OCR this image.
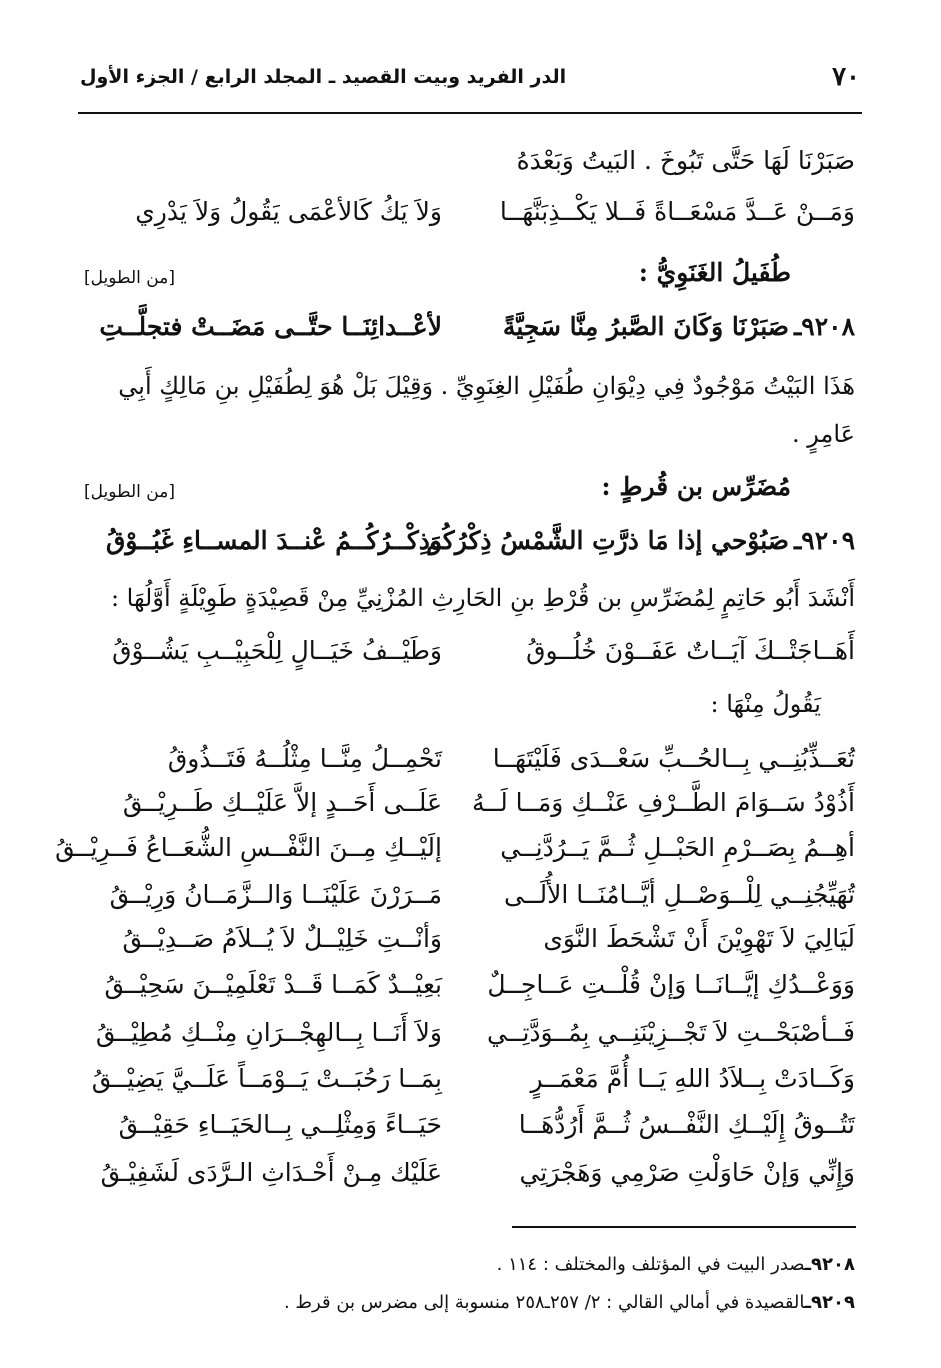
٧٠
الدر الفريد وبيت القصيد ـ المجلد الرابع / الجزء الأول
صَبَرْنَا لَهَا حَتَّى تَبُوخَ . البَيتُ وَبَعْدَهُ
وَمَــنْ عَــدَّ مَسْعَــاةً فَــلا يَكْــذِبَنَّهَــا
وَلاَ يَكُ كَالأعْمَى يَقُولُ وَلاَ يَدْرِي
طُفَيلُ الغَنَوِيُّ :
[من الطويل]
٩٢٠٨ـ
صَبَرْنَا وَكَانَ الصَّبرُ مِنَّا سَجِيَّةً
لأعْــدائِنَــا حتَّــى مَضَــتْ فتجلَّــتِ
هَذَا البَيْتُ مَوْجُودٌ فِي دِيْوَانِ طُفَيْلِ الغِنَوِيِّ . وَقِيْلَ بَلْ هُوَ لِطُفَيْلِ بنِ مَالِكٍ أَبِي
عَامِرٍ .
مُضَرِّس بن قُرطٍ :
[من الطويل]
٩٢٠٩ـ
صَبُوْحي إذا مَا ذرَّتِ الشَّمْسُ ذِكْرُكُم
وَذِكْــرُكُــمُ عْنــدَ المســاءِ غَبُــوْقُ
أَنْشَدَ أَبُو حَاتِمٍ لِمُضَرِّسِ بن قُرْطِ بنِ الحَارِثِ المُزْنِيِّ مِنْ قَصِيْدَةٍ طَوِيْلَةٍ أَوَّلُهَا :
أَهَــاجَتْــكَ آيَــاتٌ عَفَــوْنَ خُلُــوقُ
وَطَيْــفُ خَيَــالٍ لِلْحَبِيْــبِ يَشُــوْقُ
يَقُولُ مِنْهَا :
تُعَــذِّبُنِــي بِــالحُــبِّ سَعْــدَى فَلَيْتَهَــا
تَحْمِــلُ مِنَّــا مِثْلُــهُ فَتَــذُوقُ
أَذُوْدُ سَــوَامَ الطَّــرْفِ عَنْــكِ وَمَــا لَــهُ
عَلَــى أَحَــدٍ إلاَّ عَلَيْــكِ طَــرِيْــقُ
أهِــمُ بِصَــرْمِ الحَبْــلِ ثُــمَّ يَــرُدَّنِــي
إلَيْــكِ مِــنَ النَّفْــسِ الشُّعَــاعُ فَــرِيْــقُ
تُهَيِّجُنِــي لِلْــوَصْــلِ أيَّــامُنَــا الأُلَــى
مَــرَرْنَ عَلَيْنَــا وَالــزَّمَــانُ وَرِيْــقُ
لَيَالِيَ لاَ تَهْوِيْنَ أَنْ تَشْحَطَ النَّوَى
وَأنْــتِ خَلِيْــلٌ لاَ يُــلاَمُ صَــدِيْــقُ
وَوَعْــدُكِ إيَّــانَــا وَإنْ قُلْــتِ عَــاجِــلٌ
بَعِيْــدٌ كَمَــا قَــدْ تَعْلَمِيْــنَ سَحِيْــقُ
فَــأصْبَحْــتِ لاَ تَجْــزِيْنَنِــي بِمُــوَدَّتِــي
وَلاَ أَنَــا بِــالهِجْــرَانِ مِنْــكِ مُطِيْــقُ
وَكَــادَتْ بِــلاَدُ اللهِ يَــا أُمَّ مَعْمَــرٍ
بِمَــا رَحُبَــتْ يَــوْمَــاً عَلَــيَّ يَضِيْــقُ
تَتُــوقُ إِلَيْــكِ النَّفْــسُ ثُــمَّ أَرُدُّهَــا
حَيَــاءً وَمِثْلِــي بِــالحَيَــاءِ حَقِيْــقُ
وَإِنِّي وَإنْ حَاوَلْتِ صَرْمِي وَهَجْرَتِي
عَلَيْك مِـنْ أَحْـدَاثِ الـرَّدَى لَشَفِيْـقُ
٩٢٠٨ـصدر البيت في المؤتلف والمختلف : ١١٤ .
٩٢٠٩ـالقصيدة في أمالي القالي : ٢/ ٢٥٧ـ٢٥٨ منسوبة إلى مضرس بن قرط .
